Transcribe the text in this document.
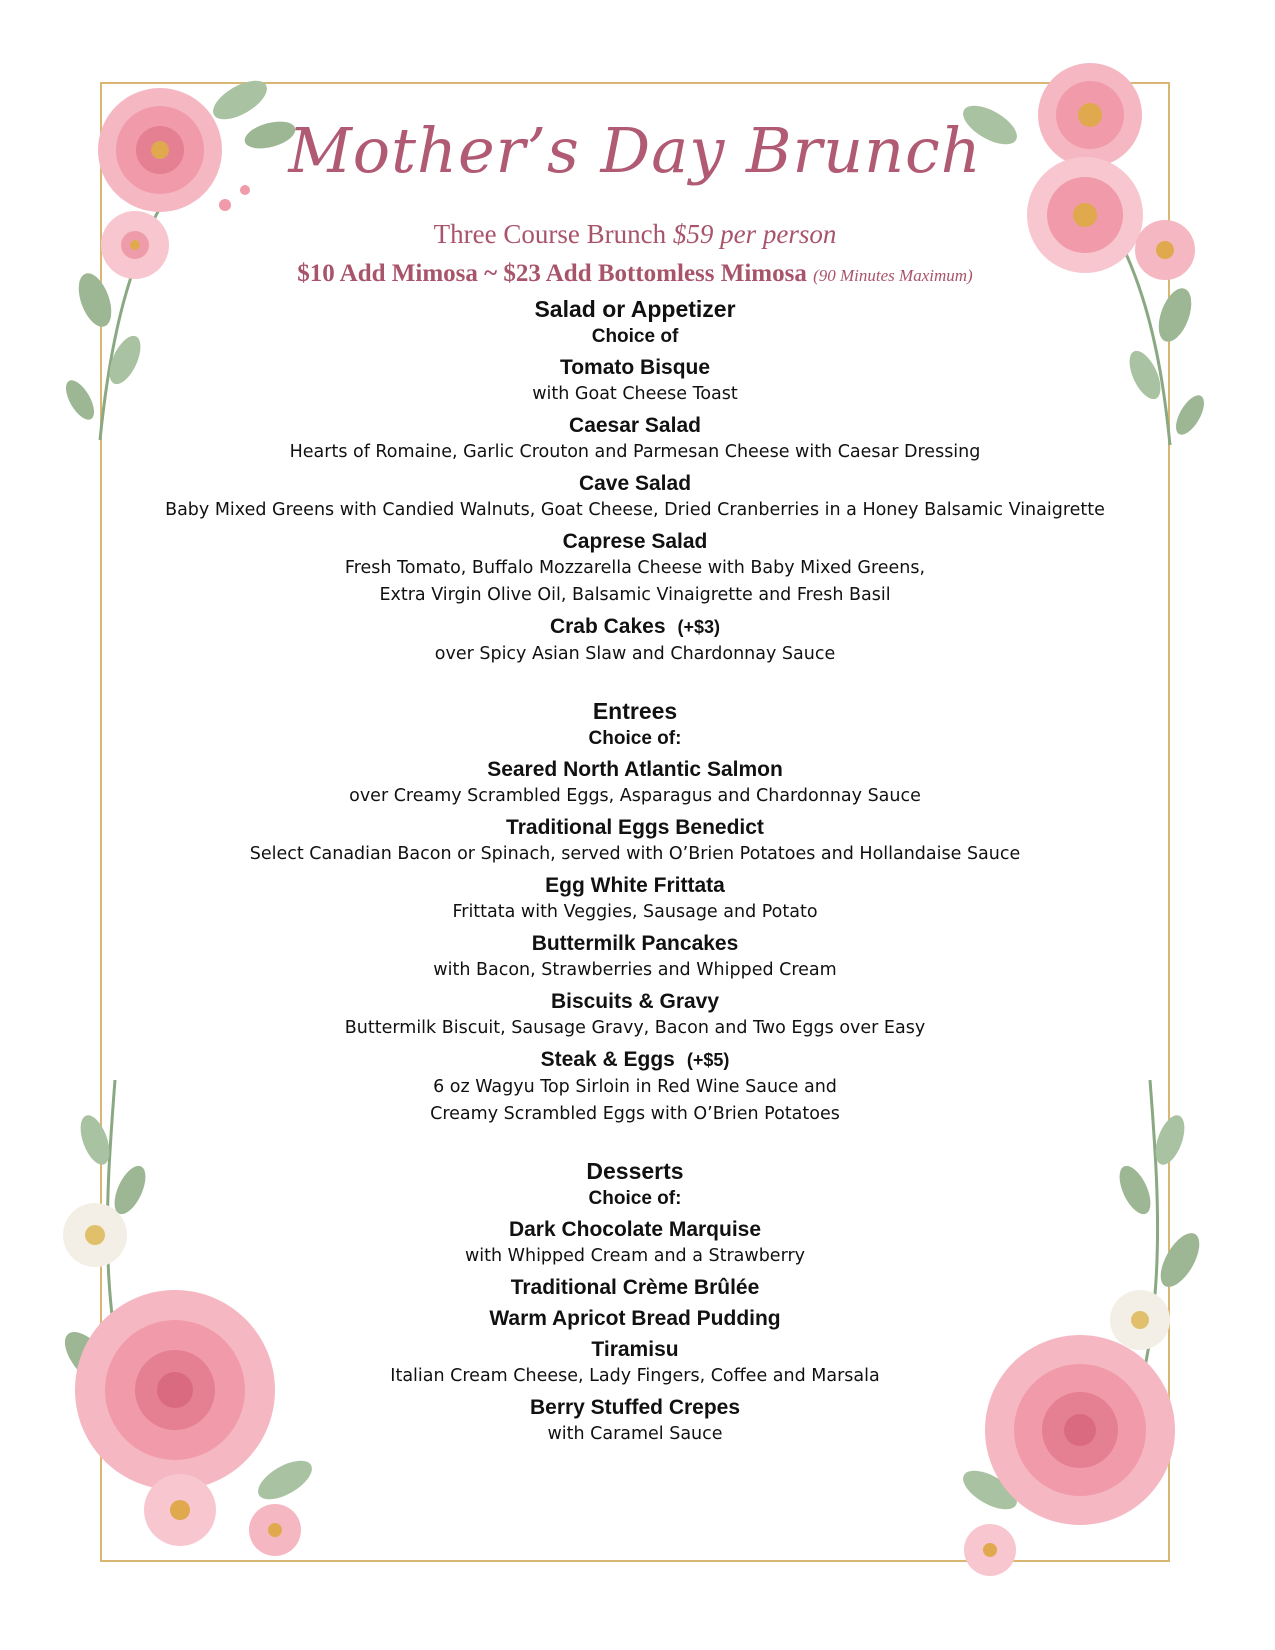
Mother’s Day Brunch
Three Course Brunch $59 per person
$10 Add Mimosa ~ $23 Add Bottomless Mimosa (90 Minutes Maximum)
Salad or Appetizer
Choice of
Tomato Bisque
with Goat Cheese Toast
Caesar Salad
Hearts of Romaine, Garlic Crouton and Parmesan Cheese with Caesar Dressing
Cave Salad
Baby Mixed Greens with Candied Walnuts, Goat Cheese, Dried Cranberries in a Honey Balsamic Vinaigrette
Caprese Salad
Fresh Tomato, Buffalo Mozzarella Cheese with Baby Mixed Greens,
Extra Virgin Olive Oil, Balsamic Vinaigrette and Fresh Basil
Crab Cakes (+$3)
over Spicy Asian Slaw and Chardonnay Sauce
Entrees
Choice of:
Seared North Atlantic Salmon
over Creamy Scrambled Eggs, Asparagus and Chardonnay Sauce
Traditional Eggs Benedict
Select Canadian Bacon or Spinach, served with O’Brien Potatoes and Hollandaise Sauce
Egg White Frittata
Frittata with Veggies, Sausage and Potato
Buttermilk Pancakes
with Bacon, Strawberries and Whipped Cream
Biscuits & Gravy
Buttermilk Biscuit, Sausage Gravy, Bacon and Two Eggs over Easy
Steak & Eggs (+$5)
6 oz Wagyu Top Sirloin in Red Wine Sauce and
Creamy Scrambled Eggs with O’Brien Potatoes
Desserts
Choice of:
Dark Chocolate Marquise
with Whipped Cream and a Strawberry
Traditional Crème Brûlée
Warm Apricot Bread Pudding
Tiramisu
Italian Cream Cheese, Lady Fingers, Coffee and Marsala
Berry Stuffed Crepes
with Caramel Sauce
